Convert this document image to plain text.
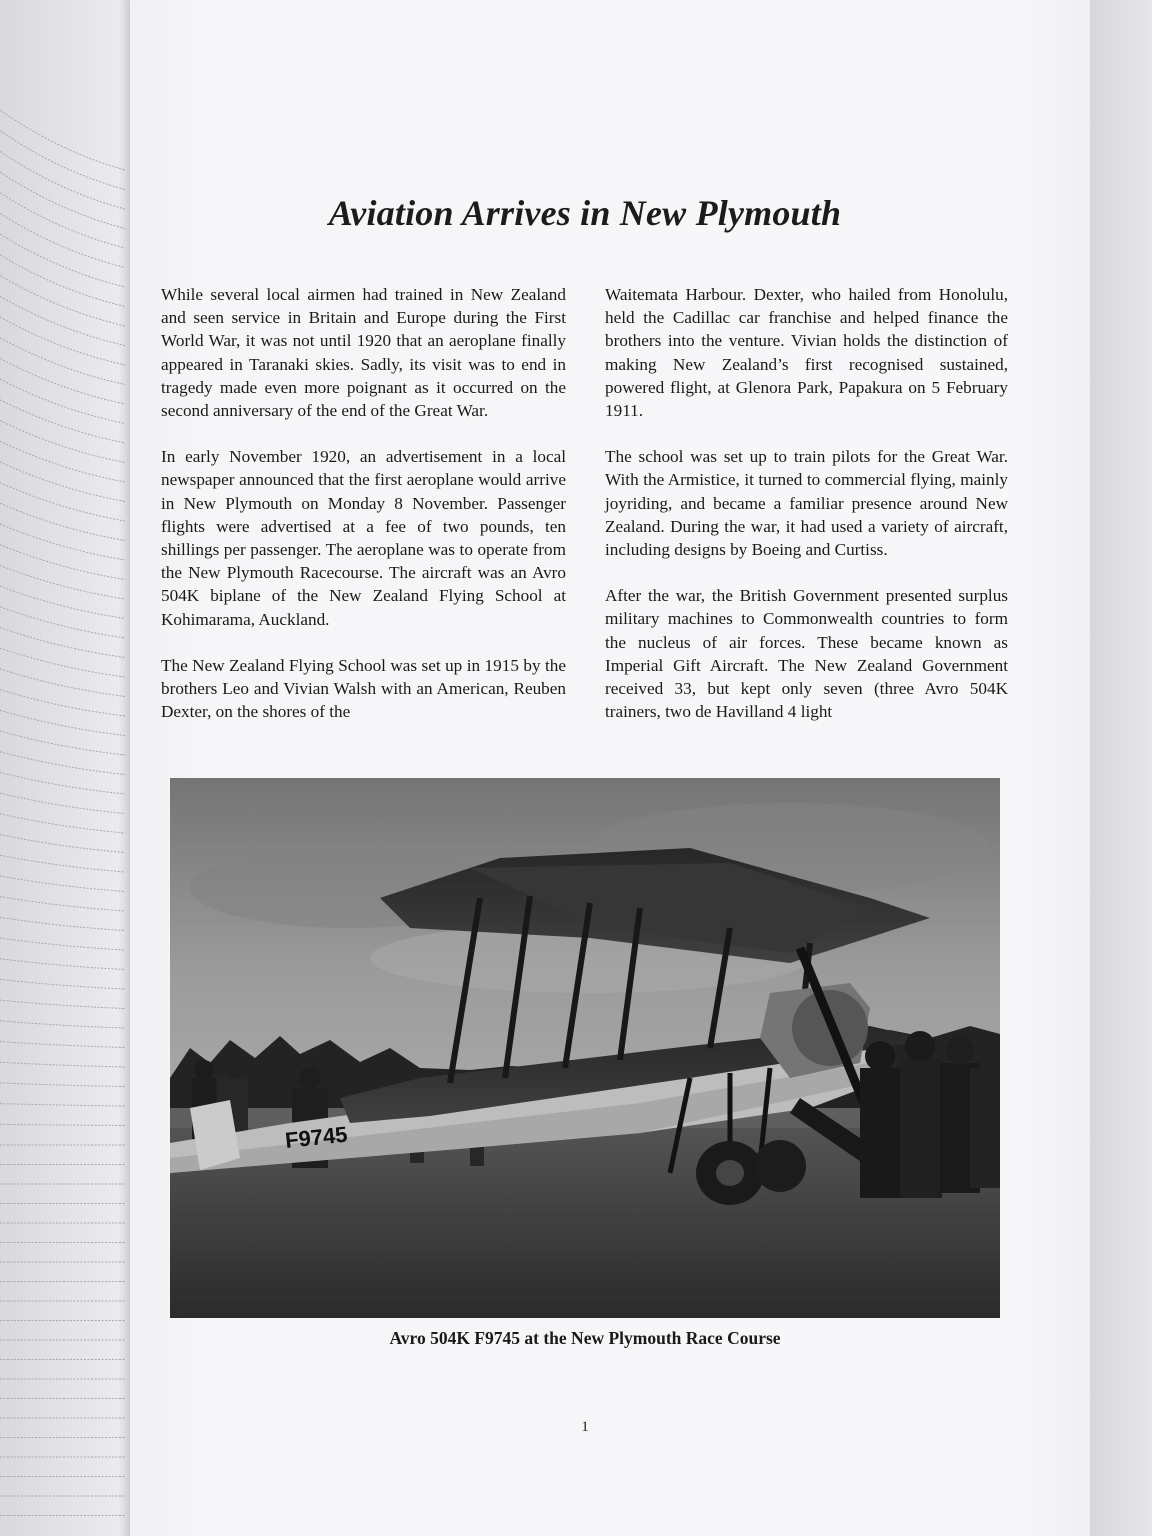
Aviation Arrives in New Plymouth

While several local airmen had trained in New Zealand and seen service in Britain and Europe during the First World War, it was not until 1920 that an aeroplane finally appeared in Taranaki skies. Sadly, its visit was to end in tragedy made even more poignant as it occurred on the second anniversary of the end of the Great War.

In early November 1920, an advertisement in a local newspaper announced that the first aeroplane would arrive in New Plymouth on Monday 8 November. Passenger flights were advertised at a fee of two pounds, ten shillings per passenger. The aeroplane was to operate from the New Plymouth Racecourse. The aircraft was an Avro 504K biplane of the New Zealand Flying School at Kohimarama, Auckland.

The New Zealand Flying School was set up in 1915 by the brothers Leo and Vivian Walsh with an American, Reuben Dexter, on the shores of the

Waitemata Harbour. Dexter, who hailed from Honolulu, held the Cadillac car franchise and helped finance the brothers into the venture. Vivian holds the distinction of making New Zealand’s first recognised sustained, powered flight, at Glenora Park, Papakura on 5 February 1911.

The school was set up to train pilots for the Great War. With the Armistice, it turned to commercial flying, mainly joyriding, and became a familiar presence around New Zealand. During the war, it had used a variety of aircraft, including designs by Boeing and Curtiss.

After the war, the British Government presented surplus military machines to Commonwealth countries to form the nucleus of air forces. These became known as Imperial Gift Aircraft. The New Zealand Government received 33, but kept only seven (three Avro 504K trainers, two de Havilland 4 light

F9745

Avro 504K F9745 at the New Plymouth Race Course

1
